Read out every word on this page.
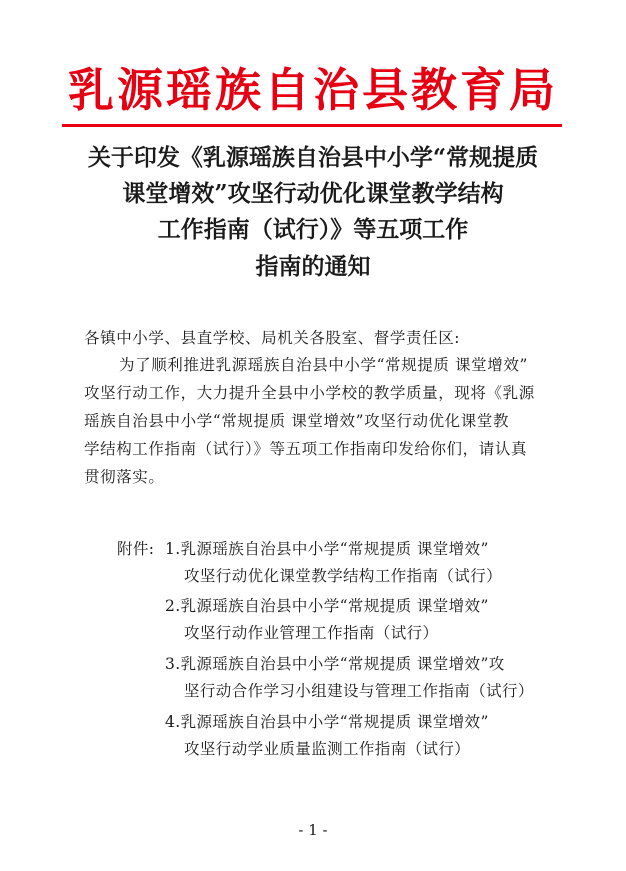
乳源瑶族自治县教育局
关于印发《乳源瑶族自治县中小学“常规提质
课堂增效”攻坚行动优化课堂教学结构
工作指南（试行）》等五项工作
指南的通知
各镇中小学、县直学校、局机关各股室、督学责任区:
为了顺利推进乳源瑶族自治县中小学“常规提质 课堂增效”
攻坚行动工作，大力提升全县中小学校的教学质量，现将《乳源
瑶族自治县中小学“常规提质 课堂增效”攻坚行动优化课堂教
学结构工作指南（试行）》等五项工作指南印发给你们，请认真
贯彻落实。
附件: 1.乳源瑶族自治县中小学“常规提质 课堂增效”
攻坚行动优化课堂教学结构工作指南（试行）
2.乳源瑶族自治县中小学“常规提质 课堂增效”
攻坚行动作业管理工作指南（试行）
3.乳源瑶族自治县中小学“常规提质 课堂增效”攻
坚行动合作学习小组建设与管理工作指南（试行）
4.乳源瑶族自治县中小学“常规提质 课堂增效”
攻坚行动学业质量监测工作指南（试行）
- 1 -
